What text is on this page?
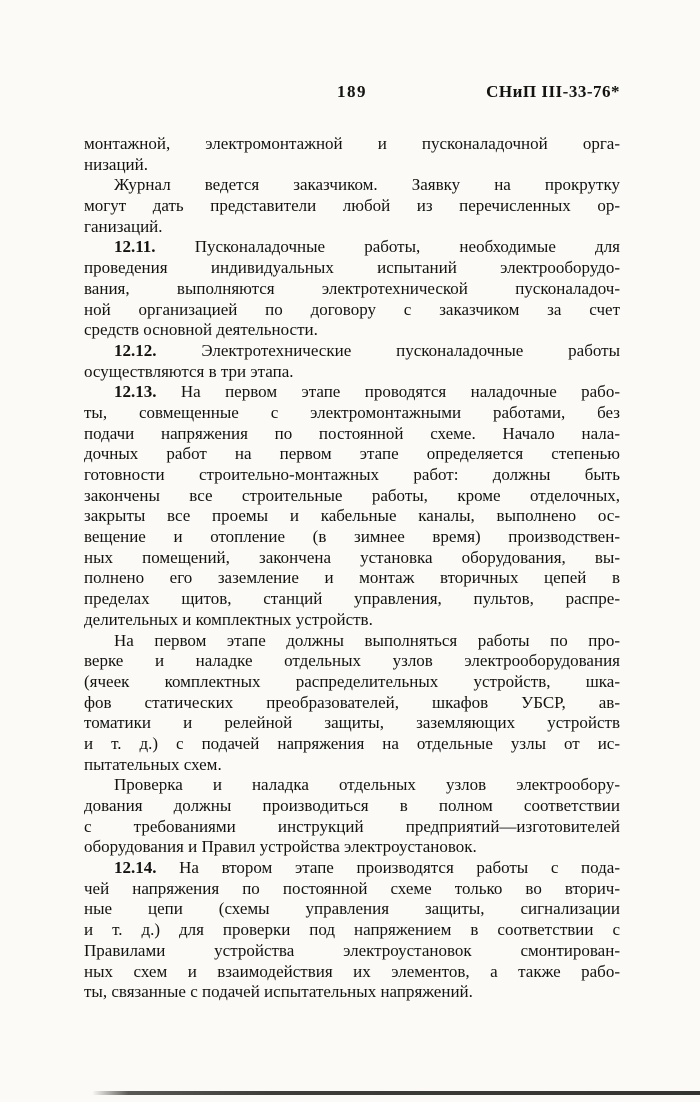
189	СНиП III-33-76*
монтажной, электромонтажной и пусконаладочной орга-
низаций.
Журнал ведется заказчиком. Заявку на прокрутку
могут дать представители любой из перечисленных ор-
ганизаций.
12.11. Пусконаладочные работы, необходимые для
проведения индивидуальных испытаний электрооборудо-
вания, выполняются электротехнической пусконаладоч-
ной организацией по договору с заказчиком за счет
средств основной деятельности.
12.12. Электротехнические пусконаладочные работы
осуществляются в три этапа.
12.13. На первом этапе проводятся наладочные рабо-
ты, совмещенные с электромонтажными работами, без
подачи напряжения по постоянной схеме. Начало нала-
дочных работ на первом этапе определяется степенью
готовности строительно-монтажных работ: должны быть
закончены все строительные работы, кроме отделочных,
закрыты все проемы и кабельные каналы, выполнено ос-
вещение и отопление (в зимнее время) производствен-
ных помещений, закончена установка оборудования, вы-
полнено его заземление и монтаж вторичных цепей в
пределах щитов, станций управления, пультов, распре-
делительных и комплектных устройств.
На первом этапе должны выполняться работы по про-
верке и наладке отдельных узлов электрооборудования
(ячеек комплектных распределительных устройств, шка-
фов статических преобразователей, шкафов УБСР, ав-
томатики и релейной защиты, заземляющих устройств
и т. д.) с подачей напряжения на отдельные узлы от ис-
пытательных схем.
Проверка и наладка отдельных узлов электрообору-
дования должны производиться в полном соответствии
с требованиями инструкций предприятий—изготовителей
оборудования и Правил устройства электроустановок.
12.14. На втором этапе производятся работы с пода-
чей напряжения по постоянной схеме только во вторич-
ные цепи (схемы управления защиты, сигнализации
и т. д.) для проверки под напряжением в соответствии с
Правилами устройства электроустановок смонтирован-
ных схем и взаимодействия их элементов, а также рабо-
ты, связанные с подачей испытательных напряжений.
